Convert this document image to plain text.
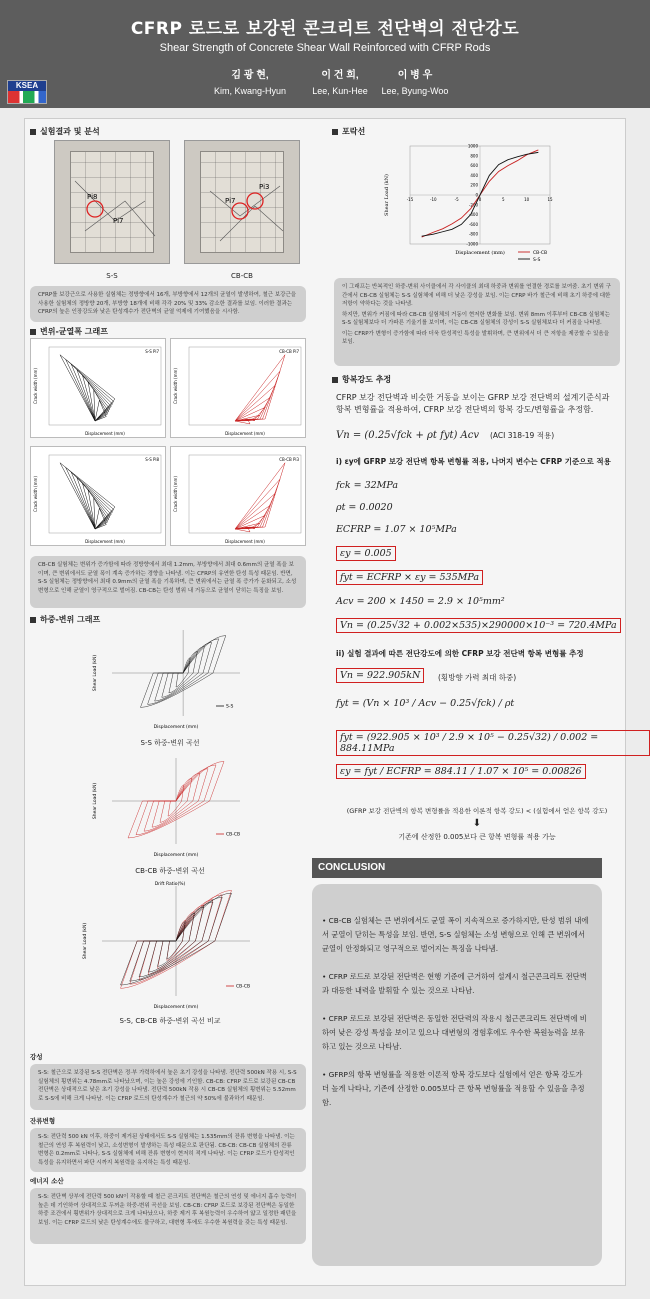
CFRP 로드로 보강된 콘크리트 전단벽의 전단강도
Shear Strength of Concrete Shear Wall Reinforced with CFRP Rods
김 광 현,
Kim, Kwang-Hyun
이 건 희,
Lee, Kun-Hee
이 병 우
Lee, Byung-Woo
KSEA
실험결과 및 분석
Pi8
Pi7
S-S
Pi3
Pi7
CB-CB

CFRP를 보강근으로 사용한 실험체는 정방향에서 16개, 부방향에서 12개의 균열이 발생하여, 철근 보강근을 사용한 실험체의 정방향 20개, 부방향 18개에 비해 각각 20% 및 33% 감소한 결과를 보임. 이러한 결과는 CFRP의 높은 인장강도와 낮은 탄성계수가 전단벽의 균열 억제에 기여했음을 시사함.

변위-균열폭 그래프
S-S Pi7
Displacement (mm)
Crack width (mm)
CB-CB Pi7
Displacement (mm)
Crack width (mm)
S-S Pi8
Displacement (mm)
Crack width (mm)
CB-CB Pi3
Displacement (mm)
Crack width (mm)

CB-CB 실험체는 변위가 증가함에 따라 정방향에서 최대 1.2mm, 부방향에서 최대 0.6mm의 균열 폭을 보이며, 큰 변위에서도 균열 폭이 계속 증가하는 경향을 나타냄. 이는 CFRP의 유연한 탄성 특성 때문임. 반면, S-S 실험체는 정방향에서 최대 0.9mm의 균열 폭을 기록하며, 큰 변위에서는 균열 폭 증가가 둔화되고, 소성 변형으로 인해 균열이 영구적으로 벌어짐. CB-CB는 탄성 범위 내 거동으로 균열이 닫히는 특징을 보임.

하중-변위 그래프
Displacement (mm)
Shear Load (kN)
S-S
S-S 하중-변위 곡선
Displacement (mm)
Shear Load (kN)
CB-CB
CB-CB 하중-변위 곡선
Displacement (mm)
Shear Load (kN)
CB-CB
Drift Ratio(%)
S-S, CB-CB 하중-변위 곡선 비교
강성

S-S: 철근으로 보강된 S-S 전단벽은 정·부 가력하에서 높은 초기 강성을 나타냄. 전단력 500kN 작용 시, S-S 실험체의 횡변위는 4.78mm로 나타났으며, 이는 높은 강성에 기인함. CB-CB: CFRP 로드로 보강된 CB-CB 전단벽은 상대적으로 낮은 초기 강성을 나타냄. 전단력 500kN 작용 시 CB-CB 실험체의 횡변위는 5.52mm로 S-S에 비해 크게 나타남. 이는 CFRP 로드의 탄성계수가 철근의 약 50%에 불과하기 때문임.

잔류변형

S-S: 전단력 500 kN 이후, 하중이 제거된 상태에서도 S-S 실험체는 1.535mm의 잔류 변형을 나타냄. 이는 철근의 연성 후 복원력이 낮고, 소성변형이 발생하는 특성 때문으로 판단됨. CB-CB: CB-CB 실험체의 잔류 변형은 0.2mm로 나타나, S-S 실험체에 비해 잔류 변형이 현저히 적게 나타남. 이는 CFRP 로드가 탄성적인 특성을 유지하면서 파단 시까지 복원력을 유지하는 특성 때문임.

에너지 소산

S-S: 전단벽 상부에 전단력 500 kN이 작용할 때 철근 콘크리트 전단벽은 철근의 연성 및 에너지 흡수 능력이 높은 데 기인하여 상대적으로 두꺼운 하중-변위 곡선을 보임. CB-CB: CFRP 로드로 보강된 전단벽은 동일한 하중 조건에서 횡변위가 상대적으로 크게 나타났으나, 하중 제거 후 복원능력이 우수하여 얇고 일정한 패턴을 보임. 이는 CFRP 로드의 낮은 탄성계수에도 불구하고, 대변형 후에도 우수한 복원력을 갖는 특성 때문임.

포락선
-15	-10	-5	0	5	10	15
-1000
-800
-600
-400
-200
0
200
400
600
800
1000
Displacement (mm)
Shear Load (kN)
CB-CB
S-S

이 그래프는 반복적인 하중-변위 사이클에서 각 사이클의 최대 하중과 변위를 연결한 경로를 보여줌. 초기 변위 구간에서 CB-CB 실험체는 S-S 실험체에 비해 더 낮은 강성을 보임. 이는 CFRP 바가 철근에 비해 초기 하중에 대한 저항이 약하다는 것을 나타냄.

하지만, 변위가 커짐에 따라 CB-CB 실험체의 거동이 현저한 변화를 보임. 변위 8mm 이후부터 CB-CB 실험체는 S-S 실험체보다 더 가파른 기울기를 보이며, 이는 CB-CB 실험체의 강성이 S-S 실험체보다 더 커짐을 나타냄.

이는 CFRP가 변형이 증가함에 따라 더욱 탄성적인 특성을 발휘하며, 큰 변위에서 더 큰 저항을 제공할 수 있음을 보임.

항복강도 추정
CFRP 보강 전단벽과 비슷한 거동을 보이는 GFRP 보강 전단벽의 설계기준식과 항복 변형률을 적용하여, CFRP 보강 전단벽의 항복 강도/변형률을 추정함.
Vn = (0.25√fck + ρt fyt) Acv (ACI 318-19 적용)
i) εy에 GFRP 보강 전단벽 항복 변형률 적용, 나머지 변수는 CFRP 기준으로 적용
fck = 32MPa
ρt = 0.0020
ECFRP = 1.07 × 10⁵MPa
εy = 0.005
fyt = ECFRP × εy = 535MPa
Acv = 200 × 1450 = 2.9 × 10⁵mm²
Vn = (0.25√32 + 0.002×535)×290000×10⁻³ = 720.4MPa
ii) 실험 결과에 따른 전단강도에 의한 CFRP 보강 전단벽 항복 변형률 추정
Vn = 922.905kN	(횡방향 가력 최대 하중)
fyt = (Vn × 10³ / Acv − 0.25√fck) / ρt
fyt = (922.905 × 10³ / 2.9 × 10⁵ − 0.25√32) / 0.002 = 884.11MPa
εy = fyt / ECFRP = 884.11 / 1.07 × 10⁵ = 0.00826
(GFRP 보강 전단벽의 항복 변형률을 적용한 이론적 항복 강도) < (실험에서 얻은 항복 강도)
⬇
기존에 산정한 0.005보다 큰 항복 변형률 적용 가능
CONCLUSION
• CB-CB 실험체는 큰 변위에서도 균열 폭이 지속적으로 증가하지만, 탄성 범위 내에서 균열이 닫히는 특성을 보임. 반면, S-S 실험체는 소성 변형으로 인해 큰 변위에서 균열이 안정화되고 영구적으로 벌어지는 특징을 나타냄.
• CFRP 로드로 보강된 전단벽은 현행 기준에 근거하여 설계시 철근콘크리트 전단벽과 대등한 내력을 발휘할 수 있는 것으로 나타남.
• CFRP 로드로 보강된 전단벽은 동일한 전단력의 작용시 철근콘크리트 전단벽에 비하여 낮은 강성 특성을 보이고 있으나 대변형의 경험후에도 우수한 복원능력을 보유하고 있는 것으로 나타남.
• GFRP의 항복 변형률을 적용한 이론적 항복 강도보다 실험에서 얻은 항복 강도가 더 높게 나타나, 기존에 산정한 0.005보다 큰 항복 변형률을 적용할 수 있음을 추정함.
